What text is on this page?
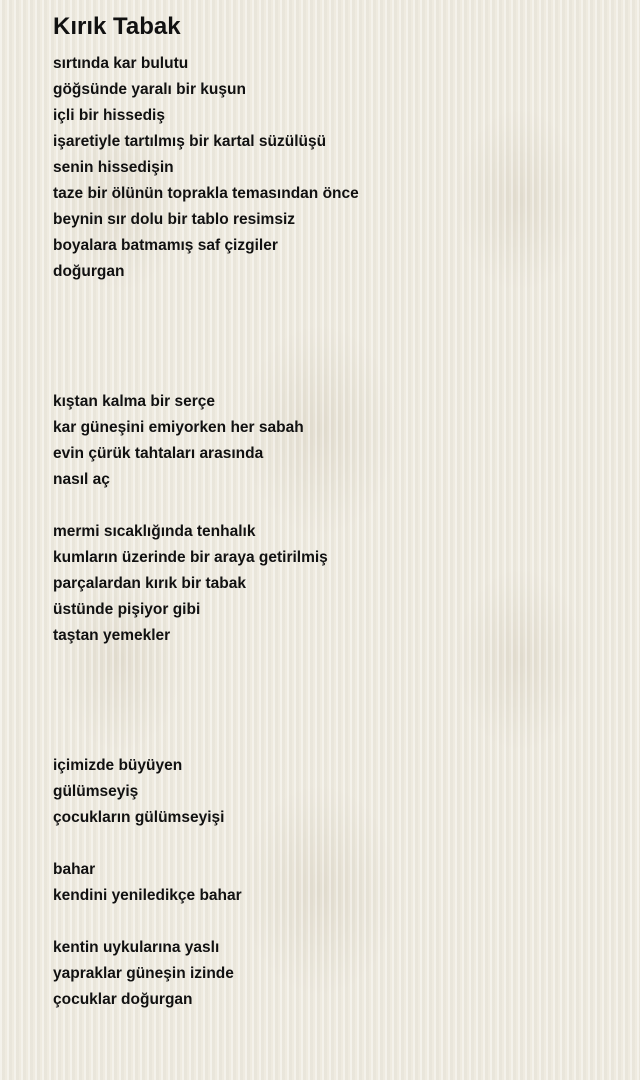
Kırık Tabak
sırtında kar bulutu
göğsünde yaralı bir kuşun
içli bir hissediş
işaretiyle tartılmış bir kartal süzülüşü
senin hissedişin
taze bir ölünün toprakla temasından önce
beynin sır dolu bir tablo resimsiz
boyalara batmamış saf çizgiler
doğurgan
kıştan kalma bir serçe
kar güneşini emiyorken her sabah
evin çürük tahtaları arasında
nasıl aç
mermi sıcaklığında tenhalık
kumların üzerinde bir araya getirilmiş
parçalardan kırık bir tabak
üstünde pişiyor gibi
taştan yemekler
içimizde büyüyen
gülümseyiş
çocukların gülümseyişi
bahar
kendini yeniledikçe bahar
kentin uykularına yaslı
yapraklar güneşin izinde
çocuklar doğurgan
